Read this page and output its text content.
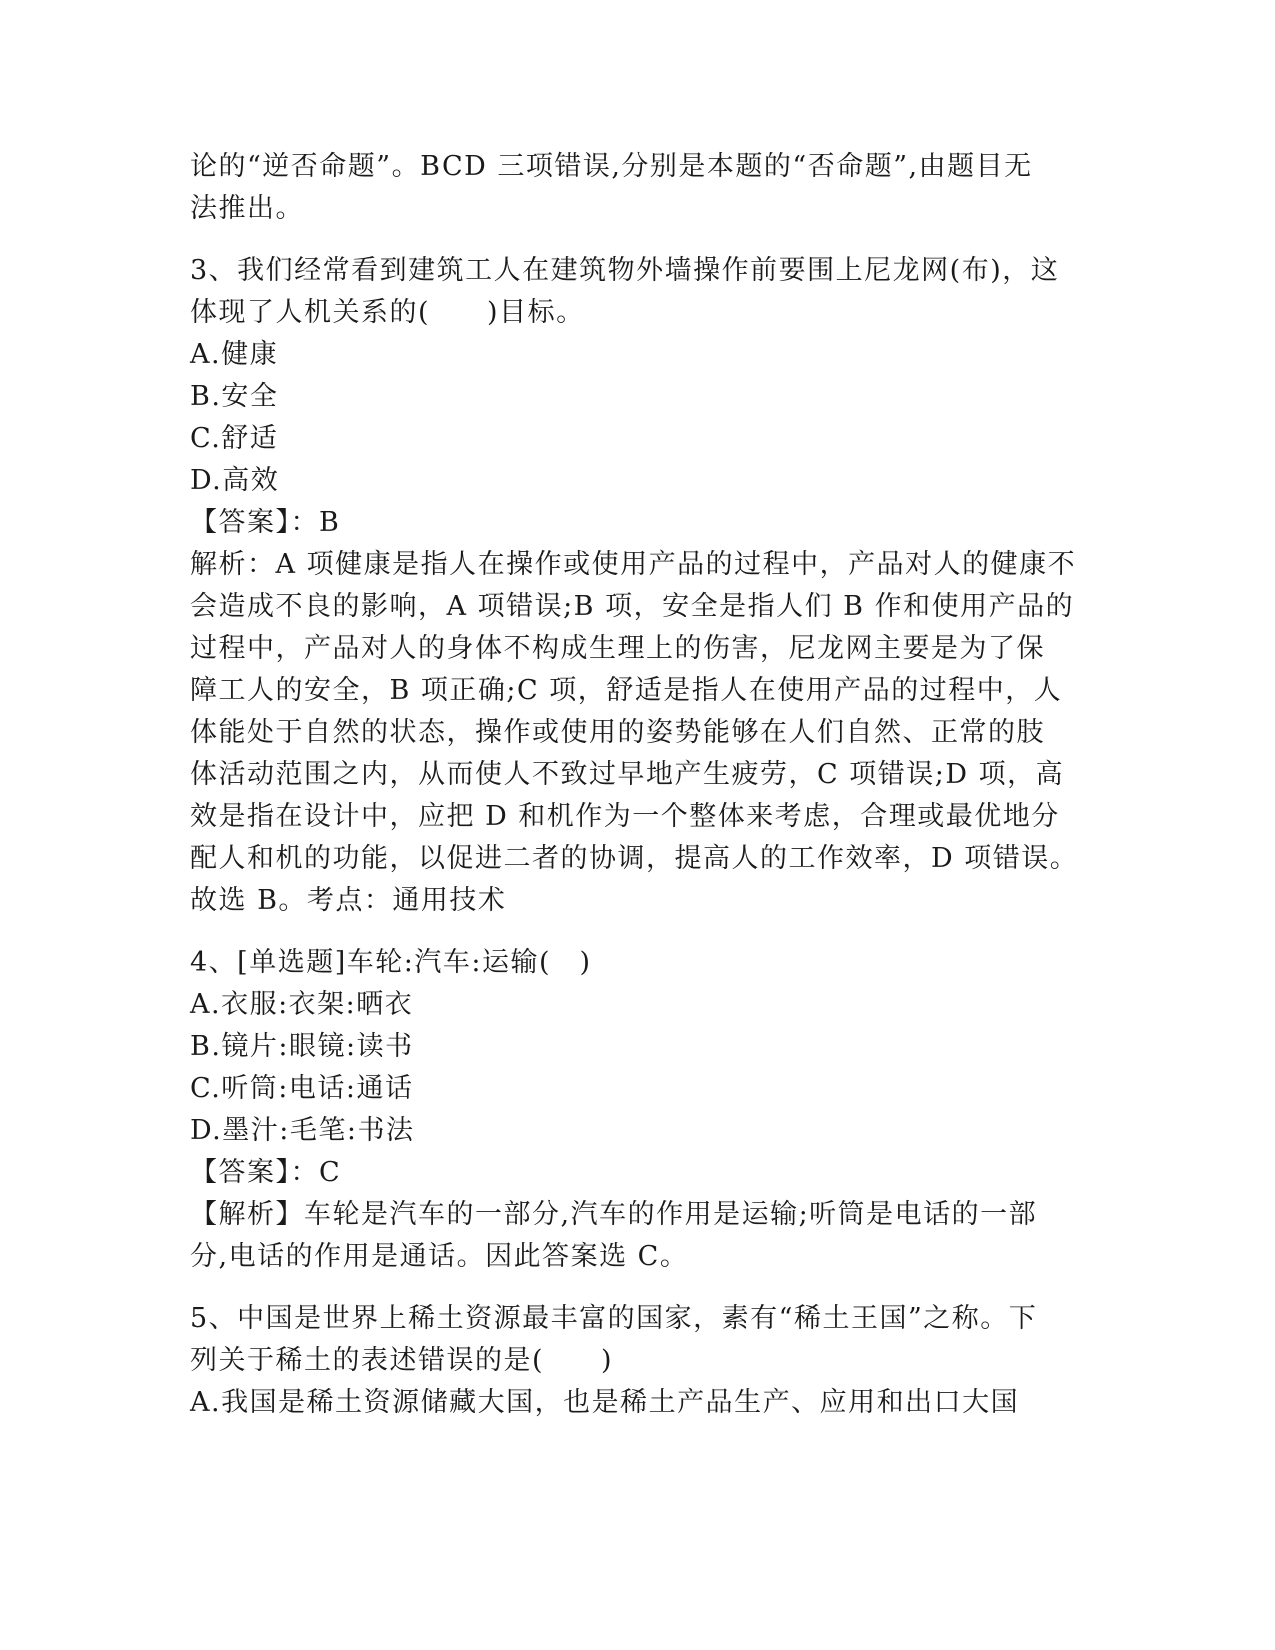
论的“逆否命题”。BCD 三项错误,分别是本题的“否命题”,由题目无
法推出。
3、我们经常看到建筑工人在建筑物外墙操作前要围上尼龙网(布)，这
体现了人机关系的(　　)目标。
A.健康
B.安全
C.舒适
D.高效
【答案】：B
解析：A 项健康是指人在操作或使用产品的过程中，产品对人的健康不
会造成不良的影响，A 项错误;B 项，安全是指人们 B 作和使用产品的
过程中，产品对人的身体不构成生理上的伤害，尼龙网主要是为了保
障工人的安全，B 项正确;C 项，舒适是指人在使用产品的过程中，人
体能处于自然的状态，操作或使用的姿势能够在人们自然、正常的肢
体活动范围之内，从而使人不致过早地产生疲劳，C 项错误;D 项，高
效是指在设计中，应把 D 和机作为一个整体来考虑，合理或最优地分
配人和机的功能，以促进二者的协调，提高人的工作效率，D 项错误。
故选 B。考点：通用技术
4、[单选题]车轮:汽车:运输(　)
A.衣服:衣架:晒衣
B.镜片:眼镜:读书
C.听筒:电话:通话
D.墨汁:毛笔:书法
【答案】：C
【解析】车轮是汽车的一部分,汽车的作用是运输;听筒是电话的一部
分,电话的作用是通话。因此答案选 C。
5、中国是世界上稀土资源最丰富的国家，素有“稀土王国”之称。下
列关于稀土的表述错误的是(　　)
A.我国是稀土资源储藏大国，也是稀土产品生产、应用和出口大国
